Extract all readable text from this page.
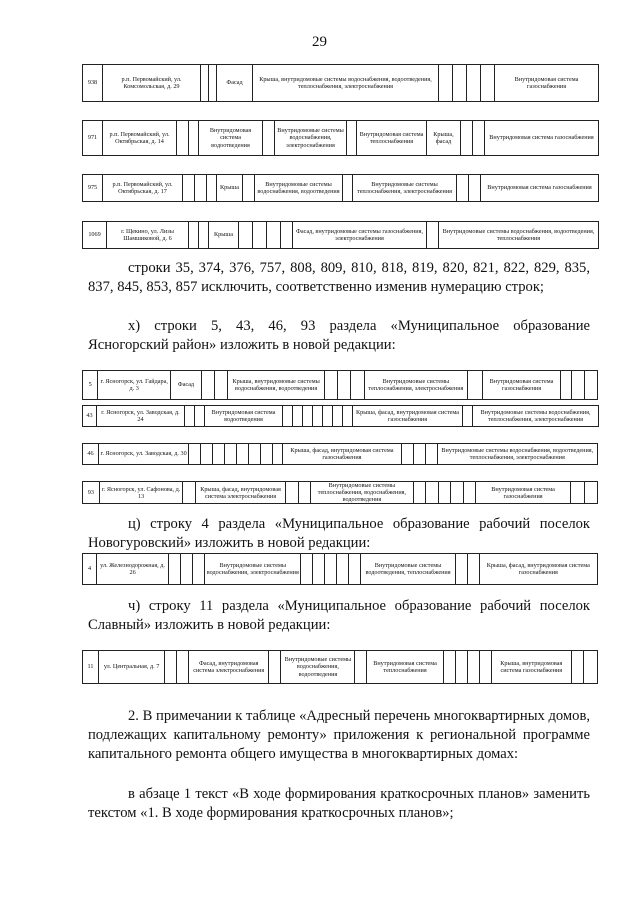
29
938	р.п. Первомайский, ул. Комсомольская, д. 29			Фасад	Крыша, внутридомовые системы водоснабжения, водоотведения, теплоснабжения, электроснабжения					Внутридомовая система газоснабжения
971	р.п. Первомайский, ул. Октябрьская, д. 14			Внутридомовая система водоотведения		Внутридомовые системы водоснабжения, электроснабжения		Внутридомовая система теплоснабжения	Крыша, фасад			Внутридомовая система газоснабжения
975	р.п. Первомайский, ул. Октябрьская, д. 17				Крыша		Внутридомовые системы водоснабжения, водоотведения		Внутридомовые системы теплоснабжения, электроснабжения			Внутридомовая система газоснабжения
1069	г. Щекино, ул. Лизы Шамшиковой, д. 6			Крыша					Фасад, внутридомовые системы газоснабжения, электроснабжения		Внутридомовые системы водоснабжения, водоотведения, теплоснабжения

строки 35, 374, 376, 757, 808, 809, 810, 818, 819, 820, 821, 822, 829, 835, 837, 845, 853, 857 исключить, соответственно изменив нумерацию строк;

х) строки 5, 43, 46, 93 раздела «Муниципальное образование Ясногорский район» изложить в новой редакции:

5	г. Ясногорск, ул. Гайдара, д. 3	Фасад			Крыша, внутридомовые системы водоснабжения, водоотведения				Внутридомовые системы теплоснабжения, электроснабжения		Внутридомовая система газоснабжения			
43	г. Ясногорск, ул. Заводская, д. 24			Внутридомовая система водоотведения								Крыша, фасад, внутридомовая система газоснабжения		Внутридомовые системы водоснабжения, теплоснабжения, электроснабжения
46	г. Ясногорск, ул. Заводская, д. 30									Крыша, фасад, внутридомовая система газоснабжения				Внутридомовые системы водоснабжения, водоотведения, теплоснабжения, электроснабжения
93	г. Ясногорск, ул. Сафонова, д. 13		Крыша, фасад, внутридомовая система электроснабжения			Внутридомовые системы теплоснабжения, водоснабжения, водоотведения						Внутридомовая система газоснабжения		

ц) строку 4 раздела «Муниципальное образование рабочий поселок Новогуровский» изложить в новой редакции:

4	ул. Железнодорожная, д. 26				Внутридомовые системы водоснабжения, электроснабжения						Внутридомовые системы водоотведения, теплоснабжения			Крыша, фасад, внутридомовая система газоснабжения

ч) строку 11 раздела «Муниципальное образование рабочий поселок Славный» изложить в новой редакции:

11	ул. Центральная, д. 7			Фасад, внутридомовая система электроснабжения		Внутридомовые системы водоснабжения, водоотведения		Внутридомовая система теплоснабжения					Крыша, внутридомовая система газоснабжения		

2. В примечании к таблице «Адресный перечень многоквартирных домов, подлежащих капитальному ремонту» приложения к региональной программе капитального ремонта общего имущества в многоквартирных домах:

в абзаце 1 текст «В ходе формирования краткосрочных планов» заменить текстом «1. В ходе формирования краткосрочных планов»;
